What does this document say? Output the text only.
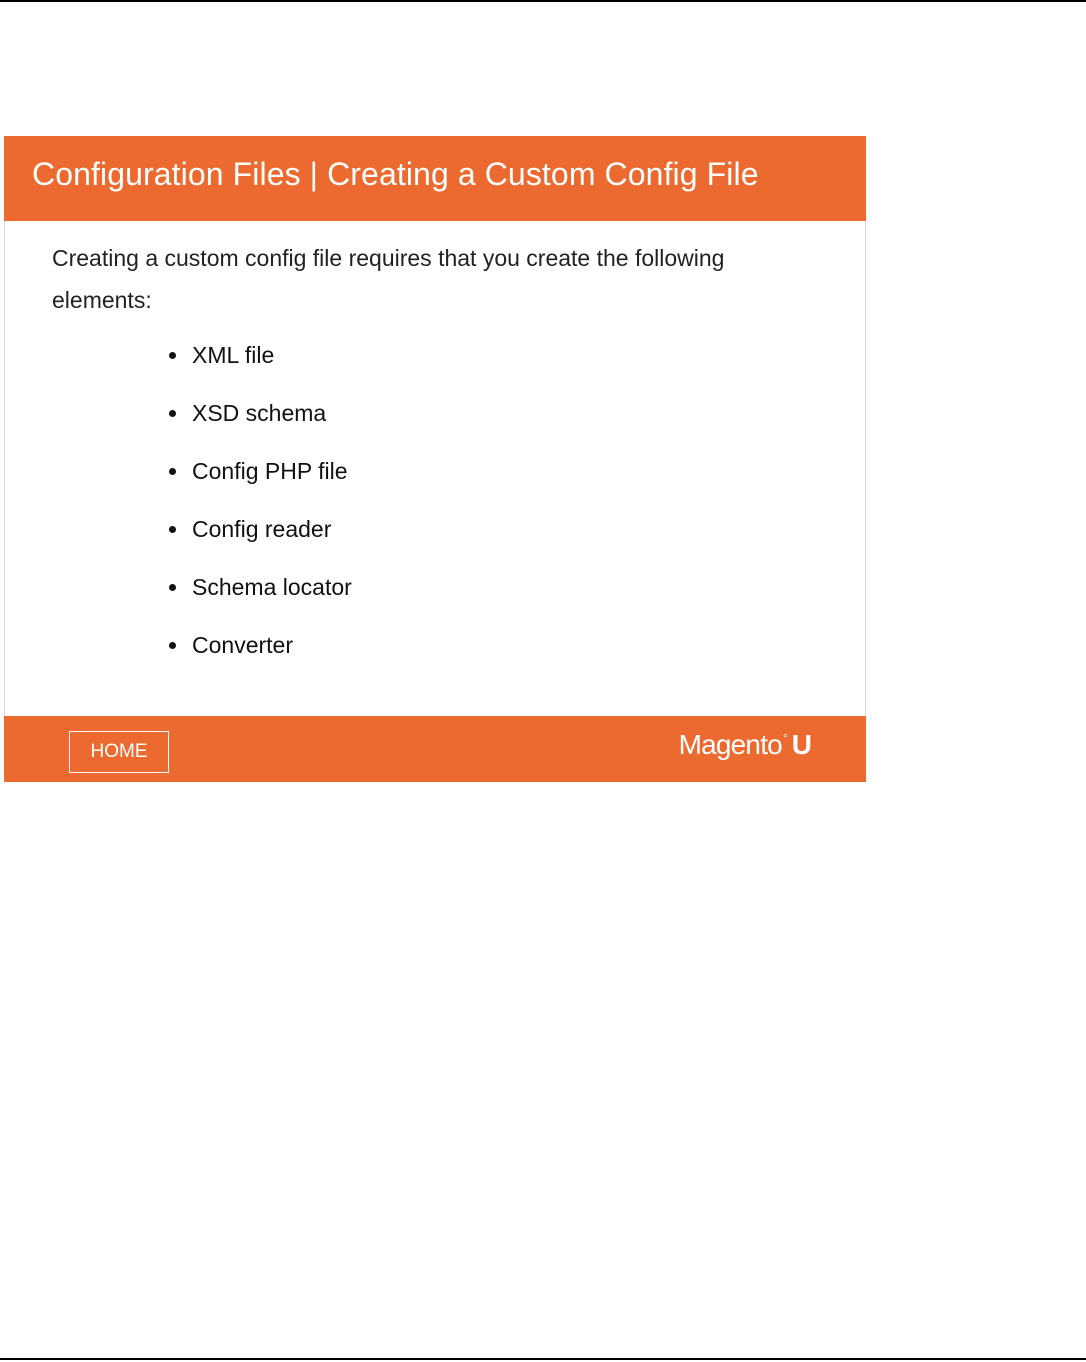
Configuration Files | Creating a Custom Config File
Creating a custom config file requires that you create the following elements:
XML file
XSD schema
Config PHP file
Config reader
Schema locator
Converter
HOME	Magento° U
